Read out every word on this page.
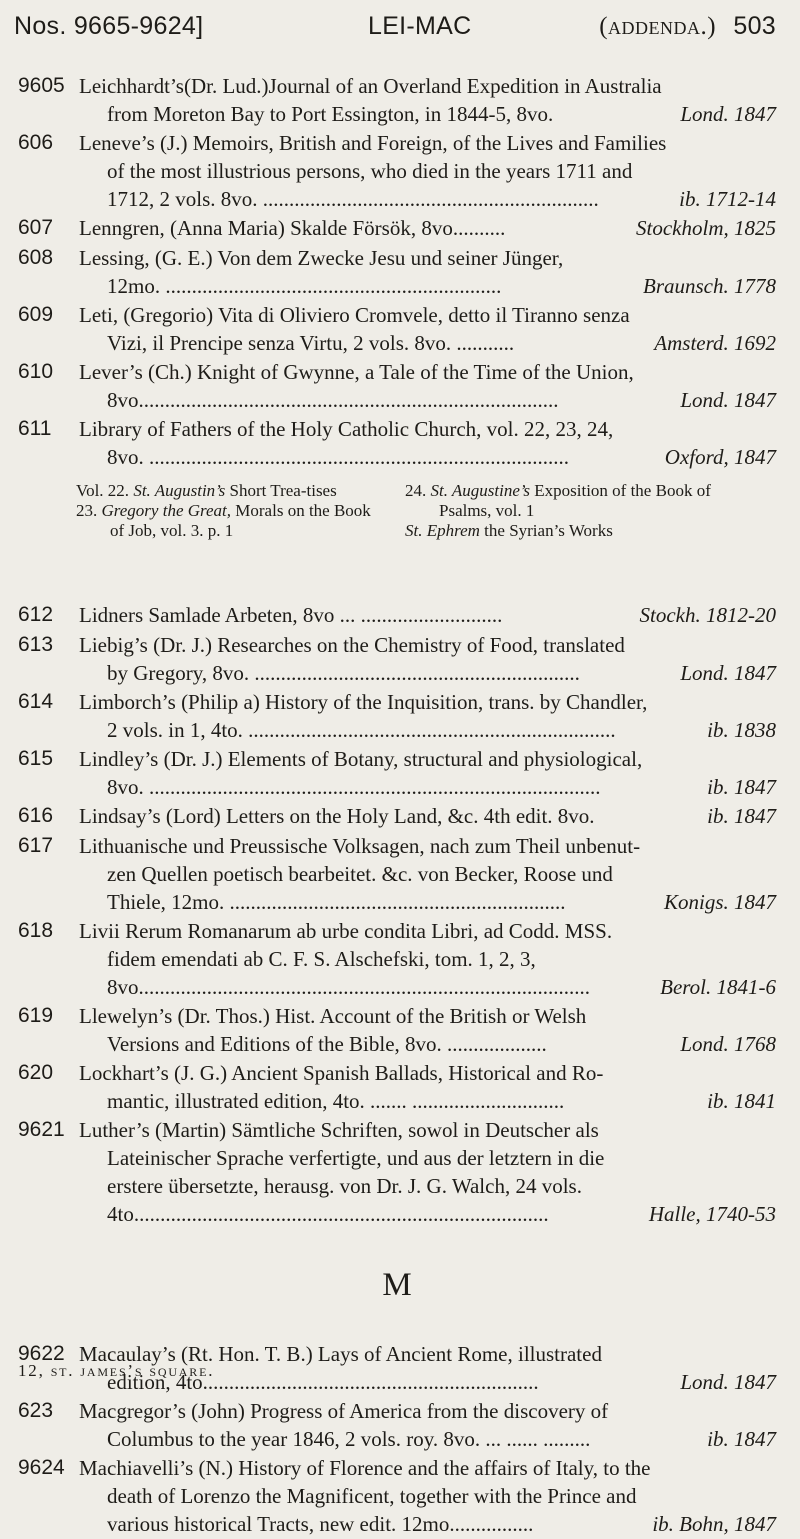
Nos. 9665-9624]	LEI-MAC	(addenda.) 503
9605 Leichhardt’s(Dr. Lud.)Journal of an Overland Expedition in Australia
from Moreton Bay to Port Essington, in 1844-5, 8vo.	Lond. 1847
606	Leneve’s (J.) Memoirs, British and Foreign, of the Lives and Families
of the most illustrious persons, who died in the years 1711 and
1712, 2 vols. 8vo. ................................................................	ib. 1712-14
607	Lenngren, (Anna Maria) Skalde Försök, 8vo..........	Stockholm, 1825
608	Lessing, (G. E.) Von dem Zwecke Jesu und seiner Jünger,
12mo. ................................................................	Braunsch. 1778
609	Leti, (Gregorio) Vita di Oliviero Cromvele, detto il Tiranno senza
Vizi, il Prencipe senza Virtu, 2 vols. 8vo. ...........	Amsterd. 1692
610	Lever’s (Ch.) Knight of Gwynne, a Tale of the Time of the Union,
8vo................................................................................	Lond. 1847
611	Library of Fathers of the Holy Catholic Church, vol. 22, 23, 24,
8vo. ................................................................................	Oxford, 1847
Vol. 22. St. Augustin’s Short Trea-tises
23. Gregory the Great, Morals on the Book of Job, vol. 3. p. 1
24. St. Augustine’s Exposition of the Book of Psalms, vol. 1
St. Ephrem the Syrian’s Works
612	Lidners Samlade Arbeten, 8vo ... ...........................	Stockh. 1812-20
613	Liebig’s (Dr. J.) Researches on the Chemistry of Food, translated
by Gregory, 8vo. ..............................................................	Lond. 1847
614	Limborch’s (Philip a) History of the Inquisition, trans. by Chandler,
2 vols. in 1, 4to. ......................................................................	ib. 1838
615	Lindley’s (Dr. J.) Elements of Botany, structural and physiological,
8vo. ......................................................................................	ib. 1847
616	Lindsay’s (Lord) Letters on the Holy Land, &c. 4th edit. 8vo.	ib. 1847
617	Lithuanische und Preussische Volksagen, nach zum Theil unbenut-
zen Quellen poetisch bearbeitet. &c. von Becker, Roose und
Thiele, 12mo. ................................................................	Konigs. 1847
618	Livii Rerum Romanarum ab urbe condita Libri, ad Codd. MSS.
fidem emendati ab C. F. S. Alschefski, tom. 1, 2, 3,
8vo......................................................................................	Berol. 1841-6
619	Llewelyn’s (Dr. Thos.) Hist. Account of the British or Welsh
Versions and Editions of the Bible, 8vo. ...................	Lond. 1768
620	Lockhart’s (J. G.) Ancient Spanish Ballads, Historical and Ro-
mantic, illustrated edition, 4to. ....... .............................	ib. 1841
9621 Luther’s (Martin) Sämtliche Schriften, sowol in Deutscher als
Lateinischer Sprache verfertigte, und aus der letztern in die
erstere übersetzte, herausg. von Dr. J. G. Walch, 24 vols.
4to...............................................................................	Halle, 1740-53
M
9622 Macaulay’s (Rt. Hon. T. B.) Lays of Ancient Rome, illustrated
edition, 4to................................................................	Lond. 1847
623	Macgregor’s (John) Progress of America from the discovery of
Columbus to the year 1846, 2 vols. roy. 8vo. ... ...... .........	ib. 1847
9624 Machiavelli’s (N.) History of Florence and the affairs of Italy, to the
death of Lorenzo the Magnificent, together with the Prince and
various historical Tracts, new edit. 12mo................	ib. Bohn, 1847
12, st. james’s square.
